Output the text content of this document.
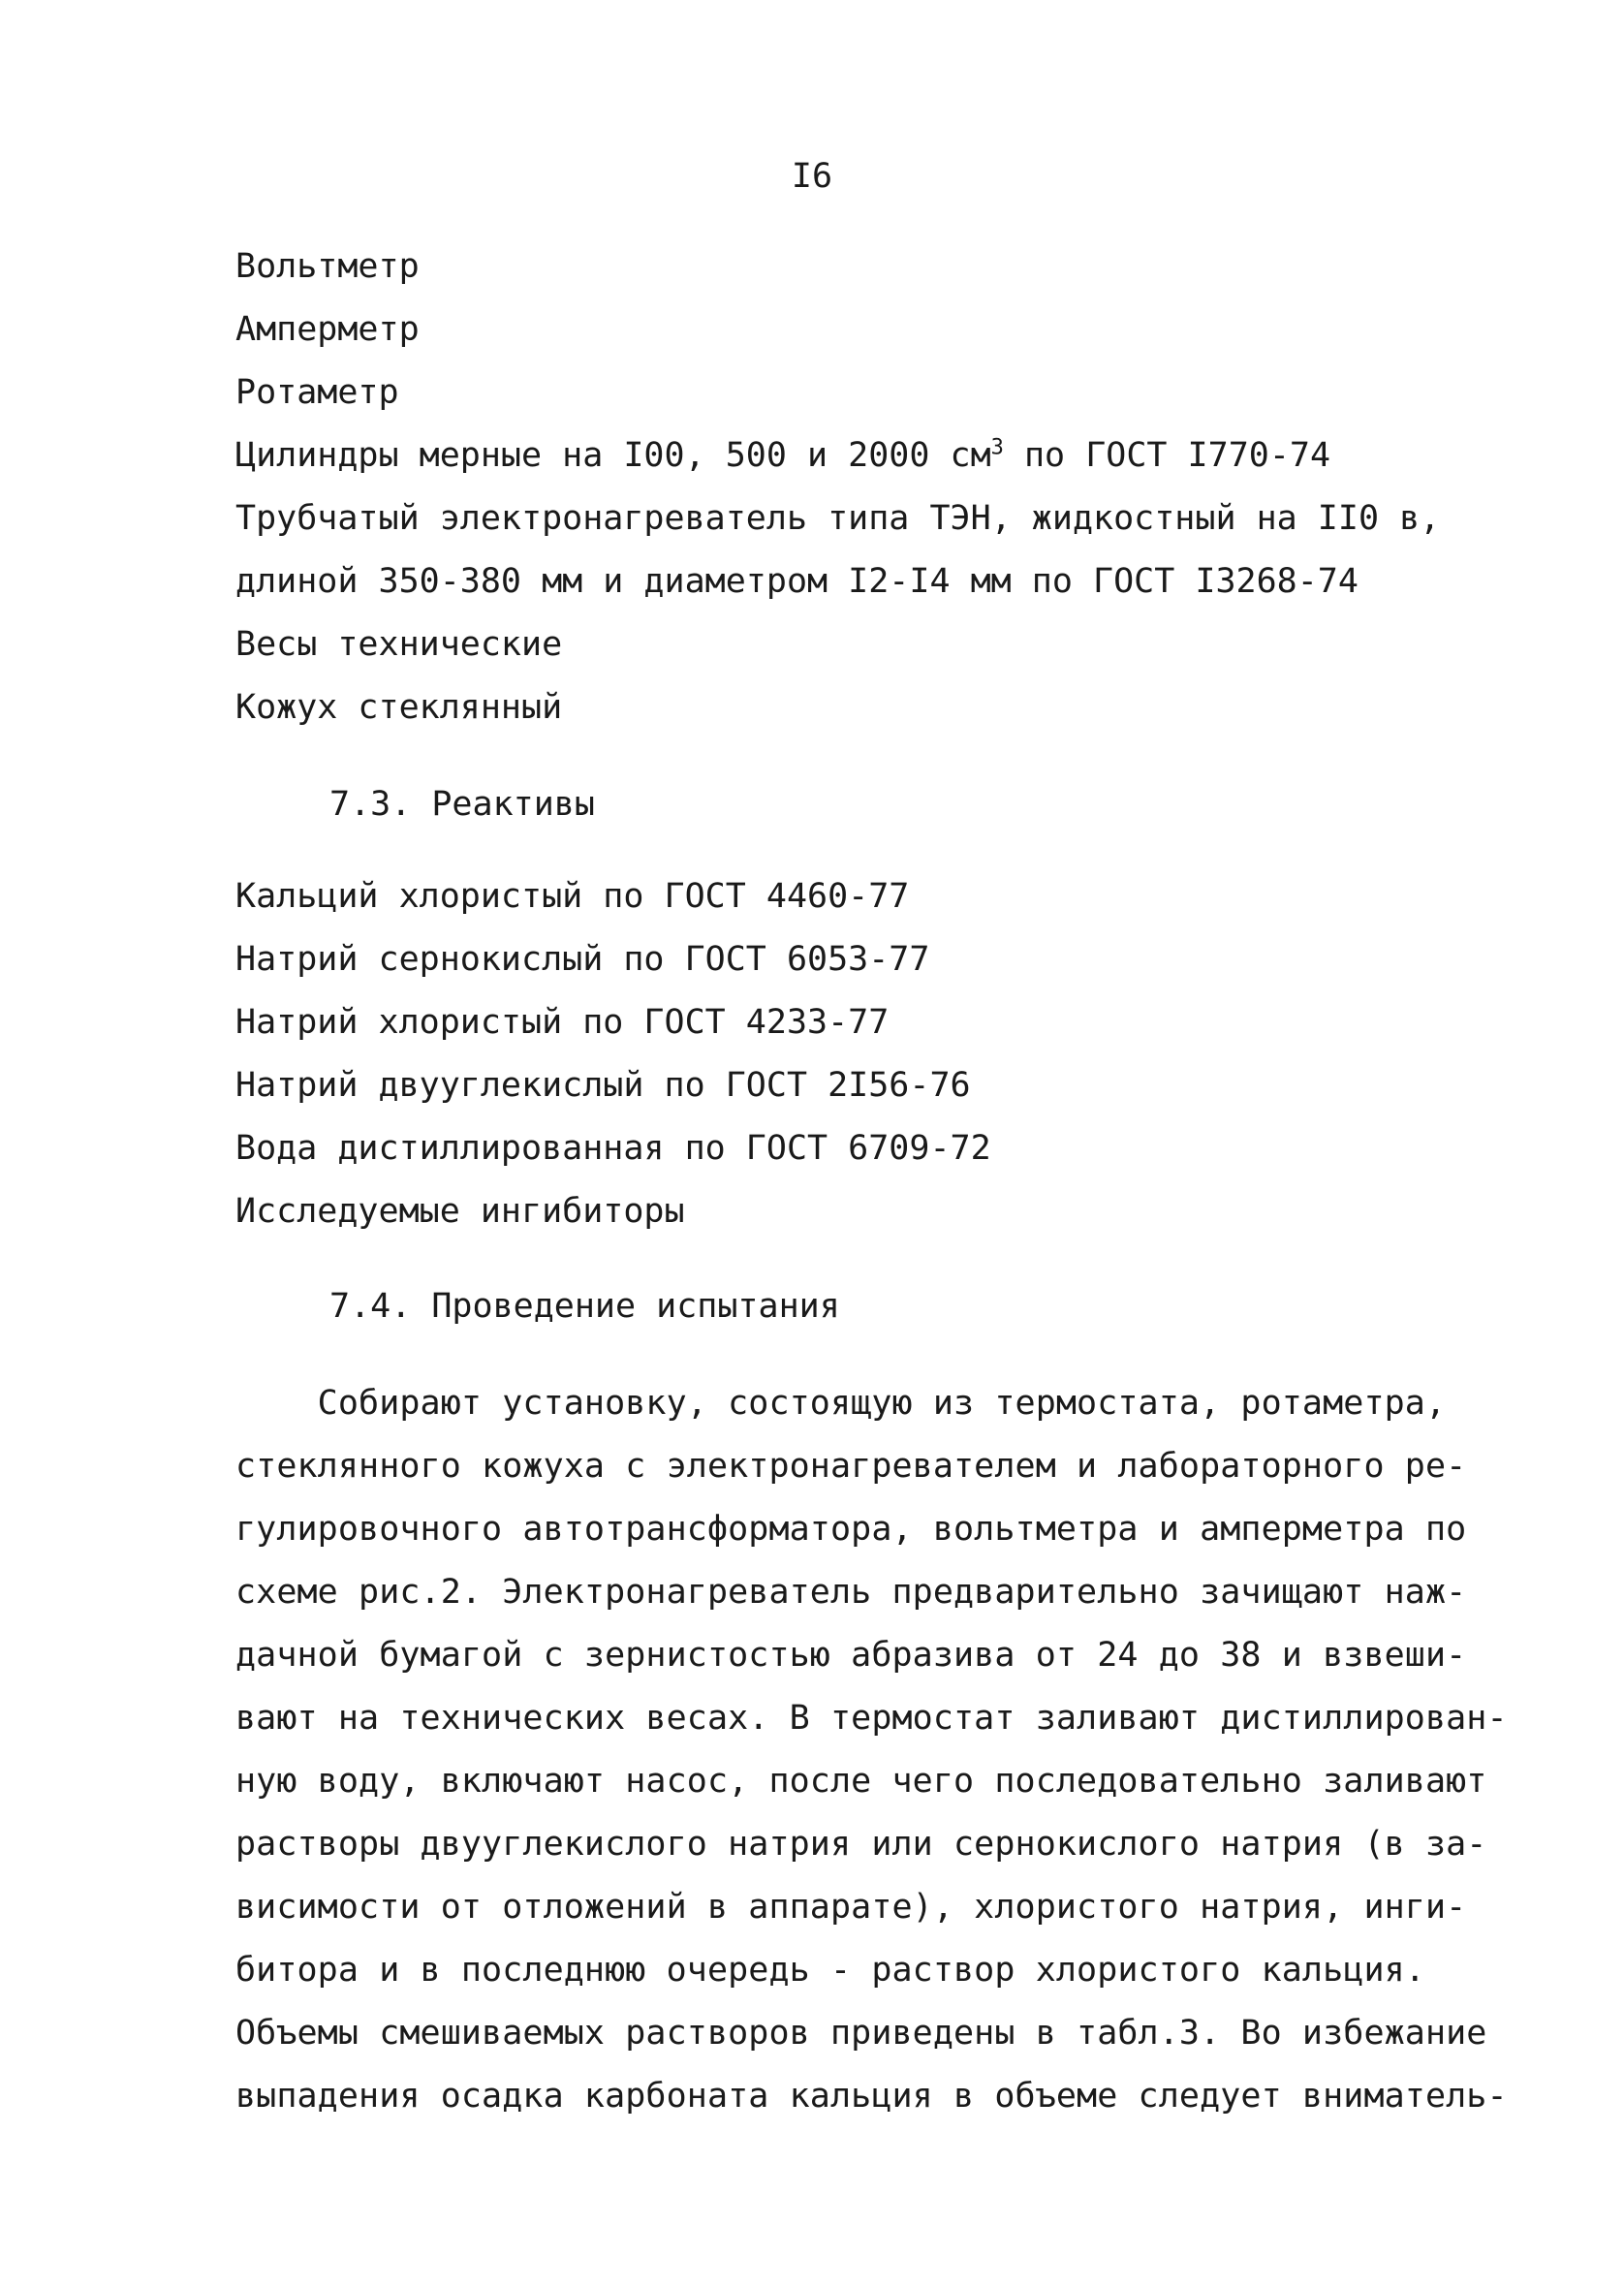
I6
Вольтметр
Амперметр
Ротаметр
Цилиндры мерные на I00, 500 и 2000 $см^3$ по ГОСТ I770-74
Трубчатый электронагреватель типа ТЭН, жидкостный на II0 в,
длиной 350-380 мм и диаметром I2-I4 мм по ГОСТ I3268-74
Весы технические
Кожух стеклянный
7.3. Реактивы
Кальций хлористый по ГОСТ 4460-77
Натрий сернокислый по ГОСТ 6053-77
Натрий хлористый по ГОСТ 4233-77
Натрий двууглекислый по ГОСТ 2I56-76
Вода дистиллированная по ГОСТ 6709-72
Исследуемые ингибиторы
7.4. Проведение испытания
Собирают установку, состоящую из термостата, ротаметра,
стеклянного кожуха с электронагревателем и лабораторного ре-
гулировочного автотрансформатора, вольтметра и амперметра по
схеме рис.2. Электронагреватель предварительно зачищают наж-
дачной бумагой с зернистостью абразива от 24 до 38 и взвеши-
вают на технических весах. В термостат заливают дистиллирован-
ную воду, включают насос, после чего последовательно заливают
растворы двууглекислого натрия или сернокислого натрия (в за-
висимости от отложений в аппарате), хлористого натрия, инги-
битора и в последнюю очередь - раствор хлористого кальция.
Объемы смешиваемых растворов приведены в табл.3. Во избежание
выпадения осадка карбоната кальция в объеме следует вниматель-
